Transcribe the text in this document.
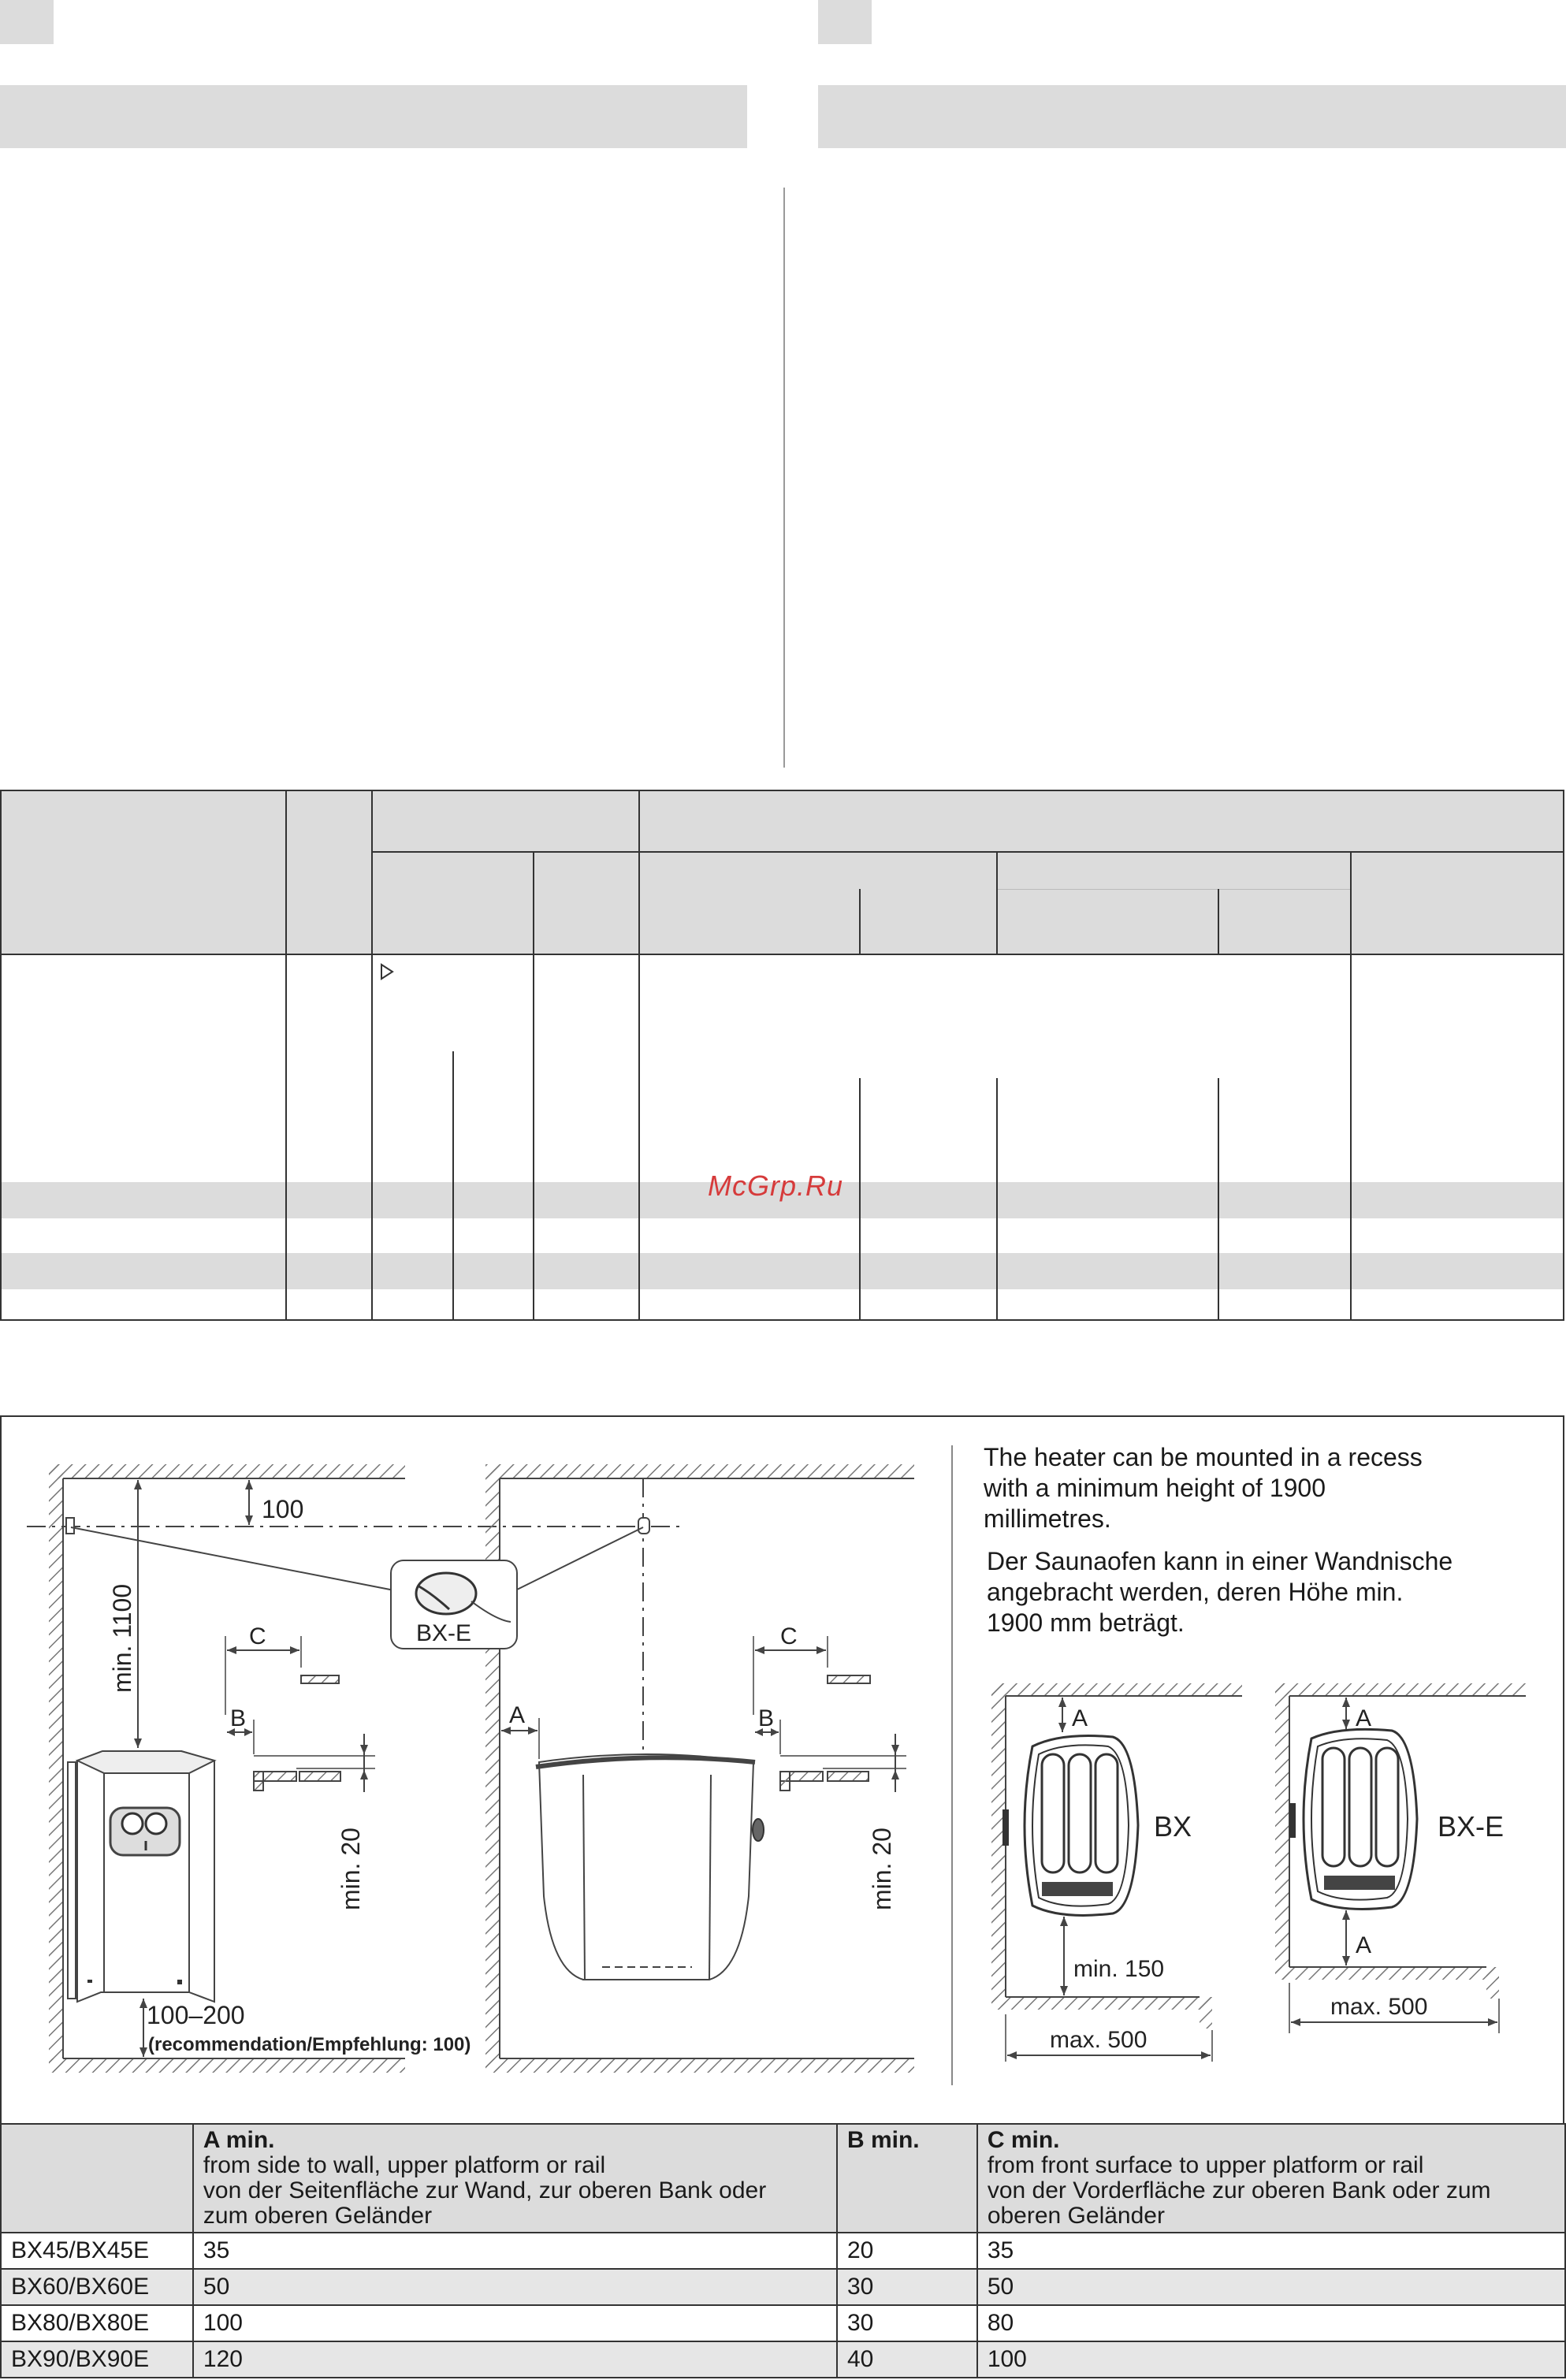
McGrp.Ru
100
min. 1100	BX-E
C
B
min. 20
100–200
(recommendation/Empfehlung: 100)
A
C
B
min. 20
A
BX
min. 150
max. 500
A
BX-E
A
max. 500
The heater can be mounted in a recess
with a minimum height of 1900
millimetres.
Der Saunaofen kann in einer Wandnische
angebracht werden, deren Höhe min.
1900 mm beträgt.
	A min.
from side to wall, upper platform or rail
von der Seitenfläche zur Wand, zur oberen Bank oder
zum oberen Geländer	B min.	C min.
from front surface to upper platform or rail
von der Vorderfläche zur oberen Bank oder zum
oberen Geländer
BX45/BX45E	35	20	35
BX60/BX60E	50	30	50
BX80/BX80E	100	30	80
BX90/BX90E	120	40	100
